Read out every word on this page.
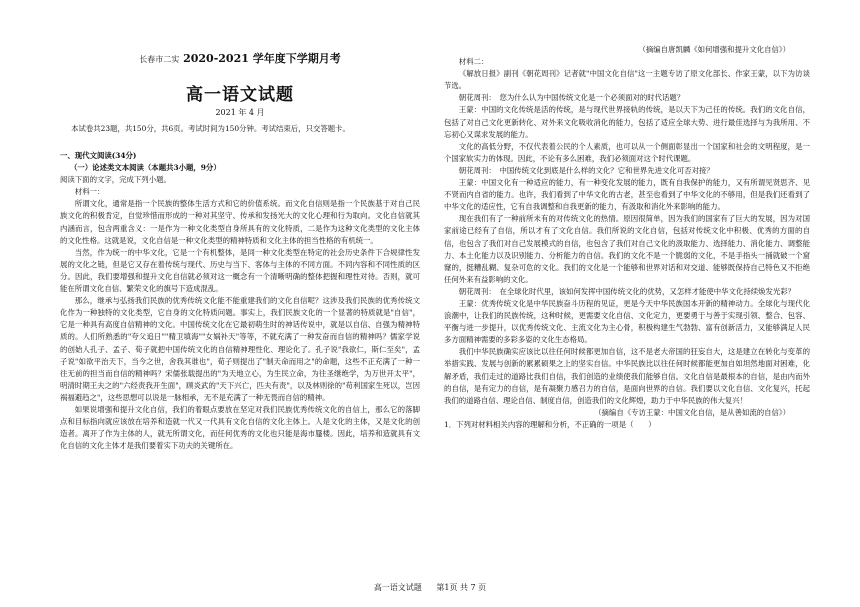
长春市二实 2020-2021 学年度下学期月考
高一语文试题
2021 年 4 月
本试卷共23题，共150分，共6页。考试时间为150分钟。考试结束后，只交答题卡。

一、现代文阅读(34分)

（一）论述类文本阅读（本题共3小题，9分）

阅读下面的文字，完成下列小题。

材料一：

所谓文化，通常是指一个民族的整体生活方式和它的价值系统。而文化自信则是指一个民族基于对自己民族文化的积极肯定，自觉珍惜而形成的一种对其坚守、传承和发扬光大的文化心理和行为取向。文化自信就其内涵而言，包含两重含义：一是作为一种文化类型自身所具有的文化特质，二是作为这种文化类型的文化主体的文化性格。这就是说，文化自信是一种文化类型的精神特质和文化主体的担当性格的有机统一。

当然，作为统一的中华文化，它是一个有机整体，是同一种文化类型在特定的社会历史条件下合规律性发展的文化之链，但是它又存在着传统与现代、历史与当下、客体与主体的不同方面。不同内容和不同性质的区分。因此，我们要增强和提升文化自信就必须对这一概念有一个清晰明确的整体把握和理性对待。否则，就可能在所谓文化自信、繁荣文化的旗号下造成混乱。

那么，继承与弘扬我们民族的优秀传统文化能不能重建我们的文化自信呢？这涉及我们民族的优秀传统文化作为一种独特的文化类型，它自身的文化特质问题。事实上，我们民族文化的一个显著的特质就是"自信"，它是一种具有高度自信精神的文化。中国传统文化在它最初萌生时的神话传说中，就是以自信、自强为精神特质的。人们所熟悉的"夸父追日""精卫填海""女娲补天"等等，不就充满了一种发奋而自信的精神吗？儒家学说的创始人孔子、孟子、荀子就把中国传统文化的自信精神理性化、理论化了。孔子说"我欲仁，斯仁至矣"，孟子说"如欲平治天下，当今之世，舍我其谁也"，荀子则提出了"制天命而用之"的命题，这些不正充满了一种一往无前的担当而自信的精神吗？宋儒张载提出的"为天地立心，为生民立命，为往圣继绝学，为万世开太平"，明清时期王夫之的"六经责我开生面"，顾炎武的"天下兴亡，匹夫有责"，以及林则徐的"苟利国家生死以，岂因祸福避趋之"，这些思想可以说是一脉相承，无不是充满了一种无畏而自信的精神。

如果说增强和提升文化自信，我们的着眼点要放在坚定对我们民族优秀传统文化的自信上，那么它的落脚点和目标指向就应该放在培养和造就一代又一代具有文化自信的文化主体上。人是文化的主体，又是文化的创造者。离开了作为主体的人，就无所谓文化，而任何优秀的文化也只能是海市蜃楼。因此，培养和造就具有文化自信的文化主体才是我们要着实下功夫的关键所在。

（摘编自唐凯麟《如何增强和提升文化自信》）

材料二：

《解放日报》副刊《朝花周刊》记者就"中国文化自信"这一主题专访了原文化部长、作家王蒙，以下为访谈节选。

朝花周刊：　您为什么认为中国传统文化是一个必须面对的时代话题？

王蒙：中国的文化传统是活的传统，是与现代世界接轨的传统，是以天下为己任的传统。我们的文化自信，包括了对自己文化更新转化、对外来文化吸收消化的能力，包括了适应全球大势、进行最佳选择与为我所用、不忘初心又谋求发展的能力。

文化的高低分野，不仅代表着公民的个人素质，也可以从一个侧面彰显出一个国家和社会的文明程度，是一个国家软实力的体现。因此，不论有多么困难，我们必须面对这个时代课题。

朝花周刊：　中国传统文化到底是什么样的文化？它和世界先进文化可否对接？

王蒙：中国文化有一种适应的能力，有一种变化发展的能力，既有自我保护的能力，又有所谓见贤思齐、见不贤而内自省的能力。也许，我们看到了中华文化的古老，甚至也看到了中华文化的不够用，但是我们还看到了中华文化的适应性，它有自我调整和自我更新的能力，有汲取和消化外来影响的能力。

现在我们有了一种前所未有的对传统文化的热情。原因很简单，因为我们的国家有了巨大的发展，因为对国家前途已经有了自信，所以才有了文化自信。我们所说的文化自信，包括对传统文化中积极、优秀的方面的自信，也包含了我们对自己发展模式的自信，也包含了我们对自己文化的汲取能力、选择能力、消化能力、调整能力、本土化能力以及识别能力、分析能力的自信。我们的文化不是一个脆弱的文化，不是手指头一捅就破一个窟窿的，挺糟乱糊、复杂可危的文化。我们的文化是一个能够和世界对话和对交道、能够既保持自己特色又不拒绝任何外来有益影响的文化。

朝花周刊：　在全球化时代里，该如何发挥中国传统文化的优势，又怎样才能使中华文化持续焕发光彩？

王蒙：优秀传统文化是中华民族奋斗历程的见证，更是今天中华民族国本开新的精神动力。全球化与现代化浪潮中，让我们的民族传统，这种时候，更需要文化自信、文化定力，更要勇于与善于实现引领、整合、包容、平衡与进一步提升，以优秀传统文化、主流文化为主心骨，积极构建生气勃勃、富有创新活力，又能够满足人民多方面精神需要的多彩多姿的文化生态格局。

我们中华民族确实应该比以往任何时候都更加自信，这不是老大帝国的狂妄自大，这是建立在转化与变革的举措实践、发展与创新的累累硕果之上的坚实自信。中华民族比以往任何时候都能更加自如坦然地面对困难，化解矛盾，我们走过的道路比我们自信，我们创造的业绩使我们能够自信。文化自信是最根本的自信，是由内而外的自信，是有定力的自信，是有凝聚力感召力的自信，是面向世界的自信。我们要以文化自信、文化复兴，托起我们的道路自信、理论自信、制度自信，创造我们的文化辉煌，助力于中华民族的伟大复兴！

（摘编自《专访王蒙：中国文化自信，是从善如流的自信》）

1．下列对材料相关内容的理解和分析，不正确的一项是（　　）

高一语文试题 第1页 共 7 页
